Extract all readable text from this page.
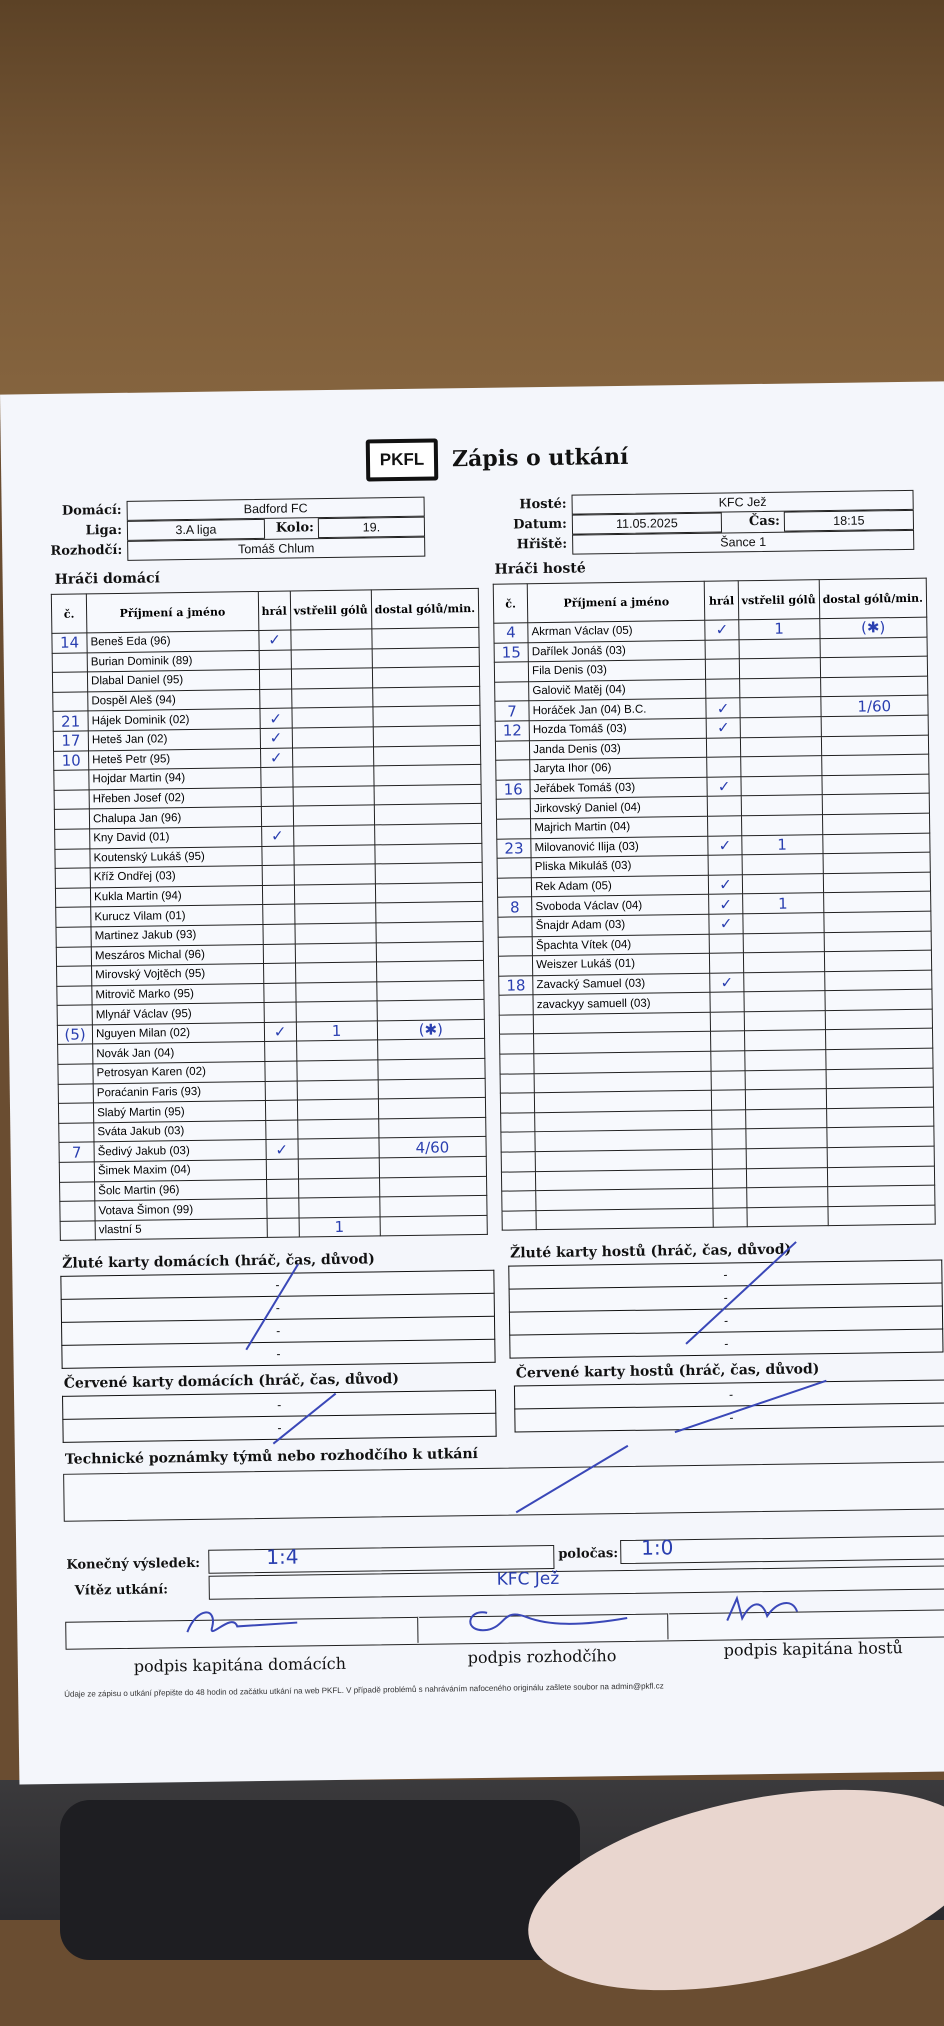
PKFL	Zápis o utkání
Domácí:	Badford FC
Liga:	3.A liga	Kolo:	19.
Rozhodčí:	Tomáš Chlum
Hosté:	KFC Jež
Datum:	11.05.2025	Čas:	18:15
Hřiště:	Šance 1
Hráči domácí
Hráči hosté
č.	Příjmení a jméno	hrál	vstřelil gólů	dostal gólů/min.
14	Beneš Eda (96)	✓		
	Burian Dominik (89)			
	Dlabal Daniel (95)			
	Dospěl Aleš (94)			
21	Hájek Dominik (02)	✓		
17	Heteš Jan (02)	✓		
10	Heteš Petr (95)	✓		
	Hojdar Martin (94)			
	Hřeben Josef (02)			
	Chalupa Jan (96)			
	Kny David (01)	✓		
	Koutenský Lukáš (95)			
	Kříž Ondřej (03)			
	Kukla Martin (94)			
	Kurucz Vilam (01)			
	Martinez Jakub (93)			
	Meszáros Michal (96)			
	Mirovský Vojtěch (95)			
	Mitrovič Marko (95)			
	Mlynář Václav (95)			
(5)	Nguyen Milan (02)	✓	1	(✱)
	Novák Jan (04)			
	Petrosyan Karen (02)			
	Poraćanin Faris (93)			
	Slabý Martin (95)			
	Sváta Jakub (03)			
7	Šedivý Jakub (03)	✓		4/60
	Šimek Maxim (04)			
	Šolc Martin (96)			
	Votava Šimon (99)			
	vlastní 5		1	
č.	Příjmení a jméno	hrál	vstřelil gólů	dostal gólů/min.
4	Akrman Václav (05)	✓	1	(✱)
15	Dařílek Jonáš (03)			
	Fila Denis (03)			
	Galovič Matěj (04)			
7	Horáček Jan (04) B.C.	✓		1/60
12	Hozda Tomáš (03)	✓		
	Janda Denis (03)			
	Jaryta Ihor (06)			
16	Jeřábek Tomáš (03)	✓		
	Jirkovský Daniel (04)			
	Majrich Martin (04)			
23	Milovanović Ilija (03)	✓	1	
	Pliska Mikuláš (03)			
	Rek Adam (05)	✓		
8	Svoboda Václav (04)	✓	1	
	Šnajdr Adam (03)	✓		
	Špachta Vítek (04)			
	Weiszer Lukáš (01)			
18	Zavacký Samuel (03)	✓		
	zavackyy samuell (03)			

Žluté karty domácích (hráč, čas, důvod)
-
-
-
-
Žluté karty hostů (hráč, čas, důvod)
-
-
-
-
Červené karty domácích (hráč, čas, důvod)
-
-
Červené karty hostů (hráč, čas, důvod)
-
-
Technické poznámky týmů nebo rozhodčího k utkání
Konečný výsledek:	1:4	poločas: 1:0
Vítěz utkání:
KFC Jež
podpis kapitána domácích	podpis rozhodčího	podpis kapitána hostů
Údaje ze zápisu o utkání přepište do 48 hodin od začátku utkání na web PKFL. V případě problémů s nahráváním nafoceného originálu zašlete soubor na admin@pkfl.cz
